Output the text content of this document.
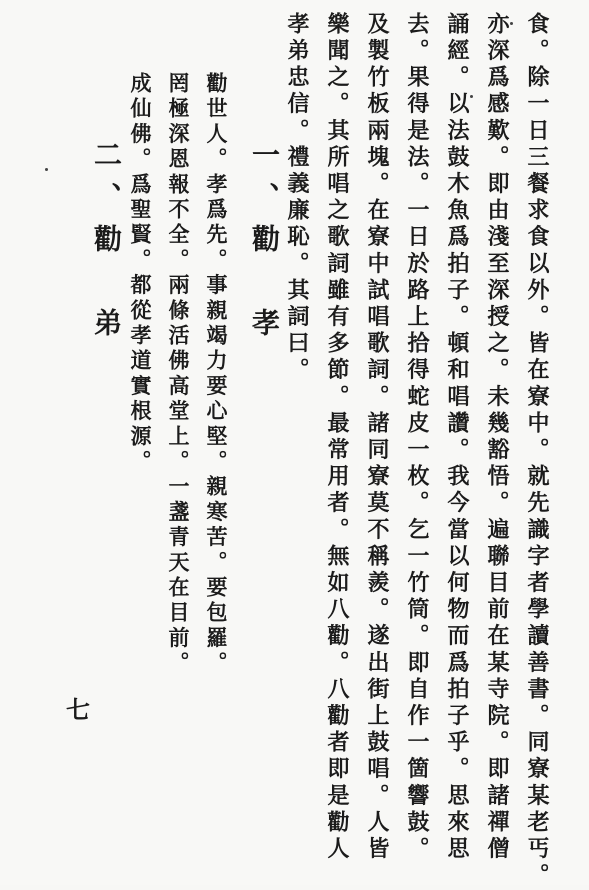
食。除一日三餐求食以外。皆在寮中。就先識字者學讀善書。同寮某老丐。
亦深爲感歎。即由淺至深授之。未幾豁悟。遍聯目前在某寺院。即諸禪僧
誦經。以法鼓木魚爲拍子。頓和唱讚。我今當以何物而爲拍子乎。思來思
去。果得是法。一日於路上拾得蛇皮一枚。乞一竹筒。即自作一箇響鼓。
及製竹板兩塊。在寮中試唱歌詞。諸同寮莫不稱羨。遂出街上鼓唱。人皆
樂聞之。其所唱之歌詞雖有多節。最常用者。無如八勸。八勸者即是勸人
孝弟忠信。禮義廉恥。其詞曰。
一、勸　孝
勸世人。孝爲先。事親竭力要心堅。親寒苦。要包羅。
罔極深恩報不全。兩條活佛高堂上。一盞青天在目前。
成仙佛。爲聖賢。都從孝道實根源。
二、勸　弟
七
